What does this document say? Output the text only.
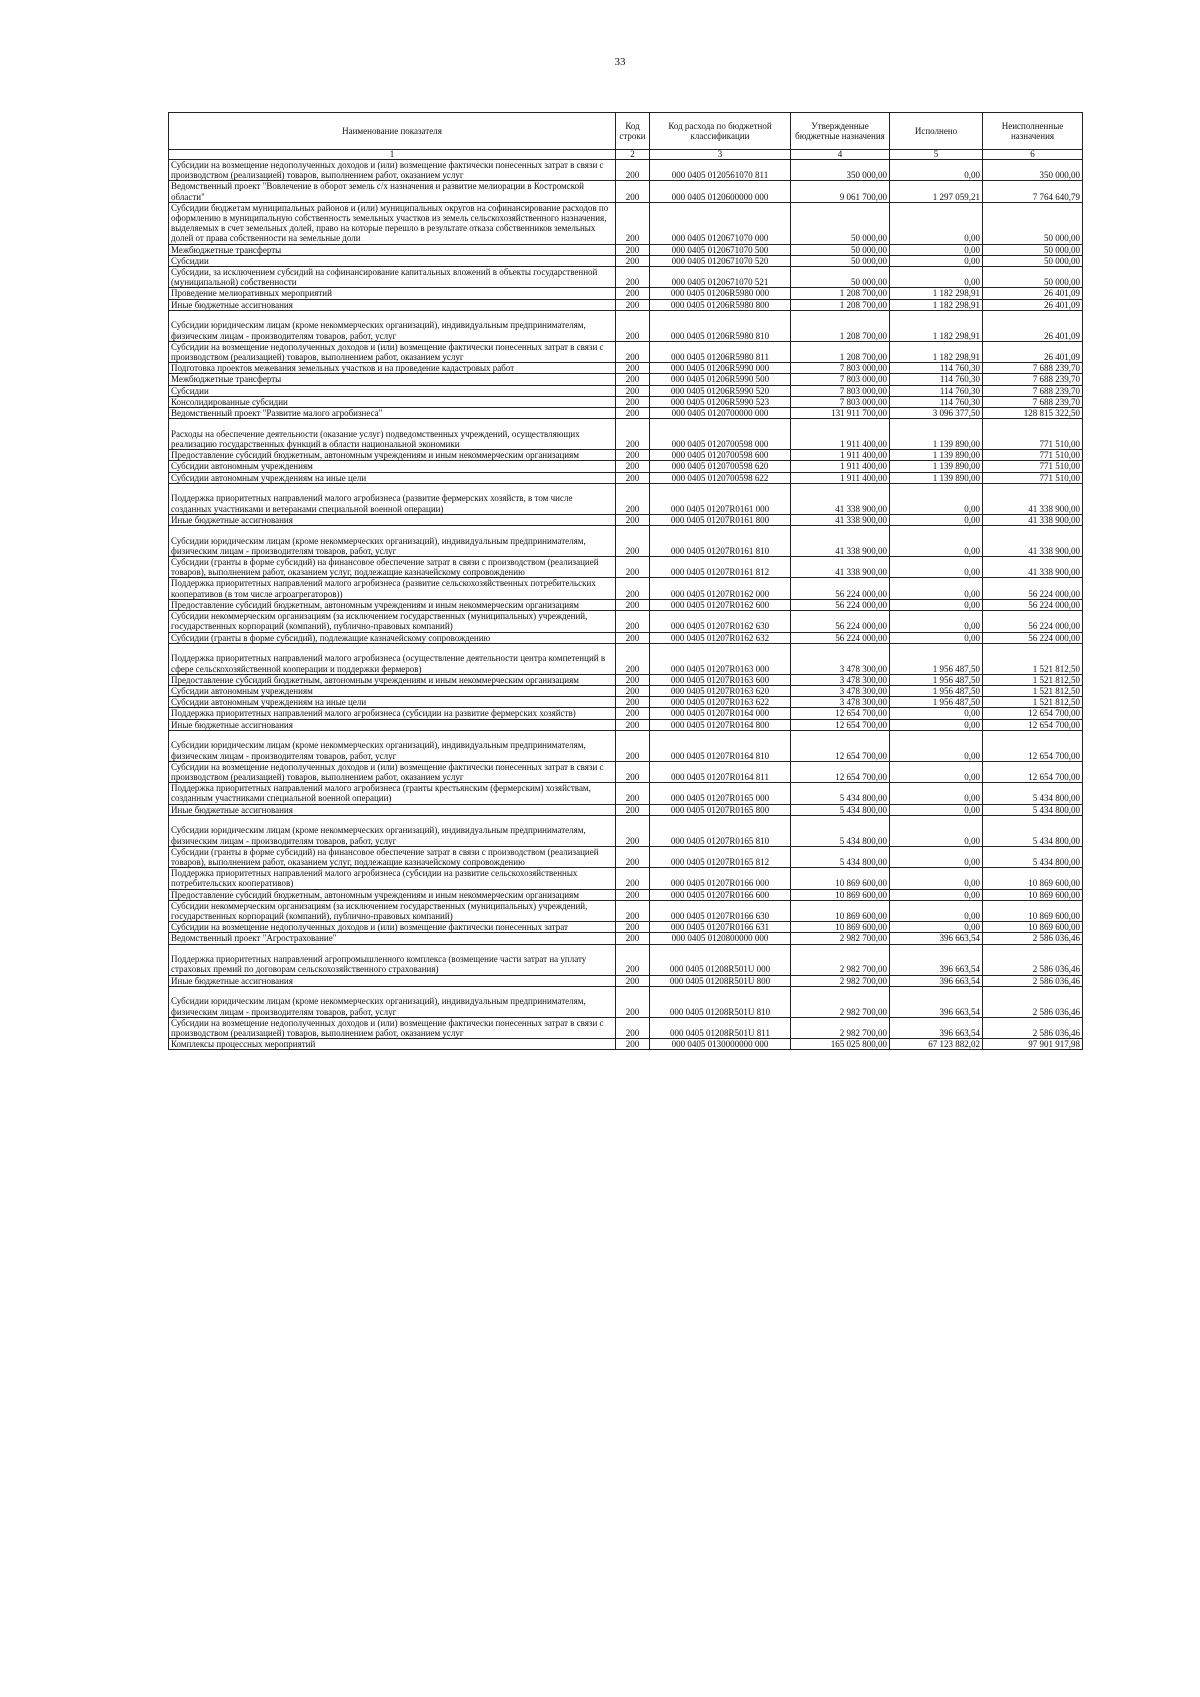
33
Наименование показателя	Код строки	Код расхода по бюджетной классификации	Утвержденные бюджетные назначения	Исполнено	Неисполненные назначения
1	2	3	4	5	6
Субсидии на возмещение недополученных доходов и (или) возмещение фактически понесенных затрат в связи с производством (реализацией) товаров, выполнением работ, оказанием услуг	200	000 0405 0120561070 811	350 000,00	0,00	350 000,00
Ведомственный проект "Вовлечение в оборот земель с/х назначения и развитие мелиорации в Костромской области"	200	000 0405 0120600000 000	9 061 700,00	1 297 059,21	7 764 640,79
Субсидии бюджетам муниципальных районов и (или) муниципальных округов на софинансирование расходов по оформлению в муниципальную собственность земельных участков из земель сельскохозяйственного назначения, выделяемых в счет земельных долей, право на которые перешло в результате отказа собственников земельных долей от права собственности на земельные доли	200	000 0405 0120671070 000	50 000,00	0,00	50 000,00
Межбюджетные трансферты	200	000 0405 0120671070 500	50 000,00	0,00	50 000,00
Субсидии	200	000 0405 0120671070 520	50 000,00	0,00	50 000,00
Субсидии, за исключением субсидий на софинансирование капитальных вложений в объекты государственной (муниципальной) собственности	200	000 0405 0120671070 521	50 000,00	0,00	50 000,00
Проведение мелиоративных мероприятий	200	000 0405 01206R5980 000	1 208 700,00	1 182 298,91	26 401,09
Иные бюджетные ассигнования	200	000 0405 01206R5980 800	1 208 700,00	1 182 298,91	26 401,09
Субсидии юридическим лицам (кроме некоммерческих организаций), индивидуальным предпринимателям, физическим лицам - производителям товаров, работ, услуг	200	000 0405 01206R5980 810	1 208 700,00	1 182 298,91	26 401,09
Субсидии на возмещение недополученных доходов и (или) возмещение фактически понесенных затрат в связи с производством (реализацией) товаров, выполнением работ, оказанием услуг	200	000 0405 01206R5980 811	1 208 700,00	1 182 298,91	26 401,09
Подготовка проектов межевания земельных участков и на проведение кадастровых работ	200	000 0405 01206R5990 000	7 803 000,00	114 760,30	7 688 239,70
Межбюджетные трансферты	200	000 0405 01206R5990 500	7 803 000,00	114 760,30	7 688 239,70
Субсидии	200	000 0405 01206R5990 520	7 803 000,00	114 760,30	7 688 239,70
Консолидированные субсидии	200	000 0405 01206R5990 523	7 803 000,00	114 760,30	7 688 239,70
Ведомственный проект "Развитие малого агробизнеса"	200	000 0405 0120700000 000	131 911 700,00	3 096 377,50	128 815 322,50
Расходы на обеспечение деятельности (оказание услуг) подведомственных учреждений, осуществляющих реализацию государственных функций в области национальной экономики	200	000 0405 0120700598 000	1 911 400,00	1 139 890,00	771 510,00
Предоставление субсидий бюджетным, автономным учреждениям и иным некоммерческим организациям	200	000 0405 0120700598 600	1 911 400,00	1 139 890,00	771 510,00
Субсидии автономным учреждениям	200	000 0405 0120700598 620	1 911 400,00	1 139 890,00	771 510,00
Субсидии автономным учреждениям на иные цели	200	000 0405 0120700598 622	1 911 400,00	1 139 890,00	771 510,00
Поддержка приоритетных направлений малого агробизнеса (развитие фермерских хозяйств, в том числе созданных участниками и ветеранами специальной военной операции)	200	000 0405 01207R0161 000	41 338 900,00	0,00	41 338 900,00
Иные бюджетные ассигнования	200	000 0405 01207R0161 800	41 338 900,00	0,00	41 338 900,00
Субсидии юридическим лицам (кроме некоммерческих организаций), индивидуальным предпринимателям, физическим лицам - производителям товаров, работ, услуг	200	000 0405 01207R0161 810	41 338 900,00	0,00	41 338 900,00
Субсидии (гранты в форме субсидий) на финансовое обеспечение затрат в связи с производством (реализацией товаров), выполнением работ, оказанием услуг, подлежащие казначейскому сопровождению	200	000 0405 01207R0161 812	41 338 900,00	0,00	41 338 900,00
Поддержка приоритетных направлений малого агробизнеса (развитие сельскохозяйственных потребительских кооперативов (в том числе агроагрегаторов))	200	000 0405 01207R0162 000	56 224 000,00	0,00	56 224 000,00
Предоставление субсидий бюджетным, автономным учреждениям и иным некоммерческим организациям	200	000 0405 01207R0162 600	56 224 000,00	0,00	56 224 000,00
Субсидии некоммерческим организациям (за исключением государственных (муниципальных) учреждений, государственных корпораций (компаний), публично-правовых компаний)	200	000 0405 01207R0162 630	56 224 000,00	0,00	56 224 000,00
Субсидии (гранты в форме субсидий), подлежащие казначейскому сопровождению	200	000 0405 01207R0162 632	56 224 000,00	0,00	56 224 000,00
Поддержка приоритетных направлений малого агробизнеса (осуществление деятельности центра компетенций в сфере сельскохозяйственной кооперации и поддержки фермеров)	200	000 0405 01207R0163 000	3 478 300,00	1 956 487,50	1 521 812,50
Предоставление субсидий бюджетным, автономным учреждениям и иным некоммерческим организациям	200	000 0405 01207R0163 600	3 478 300,00	1 956 487,50	1 521 812,50
Субсидии автономным учреждениям	200	000 0405 01207R0163 620	3 478 300,00	1 956 487,50	1 521 812,50
Субсидии автономным учреждениям на иные цели	200	000 0405 01207R0163 622	3 478 300,00	1 956 487,50	1 521 812,50
Поддержка приоритетных направлений малого агробизнеса (субсидии на развитие фермерских хозяйств)	200	000 0405 01207R0164 000	12 654 700,00	0,00	12 654 700,00
Иные бюджетные ассигнования	200	000 0405 01207R0164 800	12 654 700,00	0,00	12 654 700,00
Субсидии юридическим лицам (кроме некоммерческих организаций), индивидуальным предпринимателям, физическим лицам - производителям товаров, работ, услуг	200	000 0405 01207R0164 810	12 654 700,00	0,00	12 654 700,00
Субсидии на возмещение недополученных доходов и (или) возмещение фактически понесенных затрат в связи с производством (реализацией) товаров, выполнением работ, оказанием услуг	200	000 0405 01207R0164 811	12 654 700,00	0,00	12 654 700,00
Поддержка приоритетных направлений малого агробизнеса (гранты крестьянским (фермерским) хозяйствам, созданным участниками специальной военной операции)	200	000 0405 01207R0165 000	5 434 800,00	0,00	5 434 800,00
Иные бюджетные ассигнования	200	000 0405 01207R0165 800	5 434 800,00	0,00	5 434 800,00
Субсидии юридическим лицам (кроме некоммерческих организаций), индивидуальным предпринимателям, физическим лицам - производителям товаров, работ, услуг	200	000 0405 01207R0165 810	5 434 800,00	0,00	5 434 800,00
Субсидии (гранты в форме субсидий) на финансовое обеспечение затрат в связи с производством (реализацией товаров), выполнением работ, оказанием услуг, подлежащие казначейскому сопровождению	200	000 0405 01207R0165 812	5 434 800,00	0,00	5 434 800,00
Поддержка приоритетных направлений малого агробизнеса (субсидии на развитие сельскохозяйственных потребительских кооперативов)	200	000 0405 01207R0166 000	10 869 600,00	0,00	10 869 600,00
Предоставление субсидий бюджетным, автономным учреждениям и иным некоммерческим организациям	200	000 0405 01207R0166 600	10 869 600,00	0,00	10 869 600,00
Субсидии некоммерческим организациям (за исключением государственных (муниципальных) учреждений, государственных корпораций (компаний), публично-правовых компаний)	200	000 0405 01207R0166 630	10 869 600,00	0,00	10 869 600,00
Субсидии на возмещение недополученных доходов и (или) возмещение фактически понесенных затрат	200	000 0405 01207R0166 631	10 869 600,00	0,00	10 869 600,00
Ведомственный проект "Агрострахование"	200	000 0405 0120800000 000	2 982 700,00	396 663,54	2 586 036,46
Поддержка приоритетных направлений агропромышленного комплекса (возмещение части затрат на уплату страховых премий по договорам сельскохозяйственного страхования)	200	000 0405 01208R501U 000	2 982 700,00	396 663,54	2 586 036,46
Иные бюджетные ассигнования	200	000 0405 01208R501U 800	2 982 700,00	396 663,54	2 586 036,46
Субсидии юридическим лицам (кроме некоммерческих организаций), индивидуальным предпринимателям, физическим лицам - производителям товаров, работ, услуг	200	000 0405 01208R501U 810	2 982 700,00	396 663,54	2 586 036,46
Субсидии на возмещение недополученных доходов и (или) возмещение фактически понесенных затрат в связи с производством (реализацией) товаров, выполнением работ, оказанием услуг	200	000 0405 01208R501U 811	2 982 700,00	396 663,54	2 586 036,46
Комплексы процессных мероприятий	200	000 0405 0130000000 000	165 025 800,00	67 123 882,02	97 901 917,98
